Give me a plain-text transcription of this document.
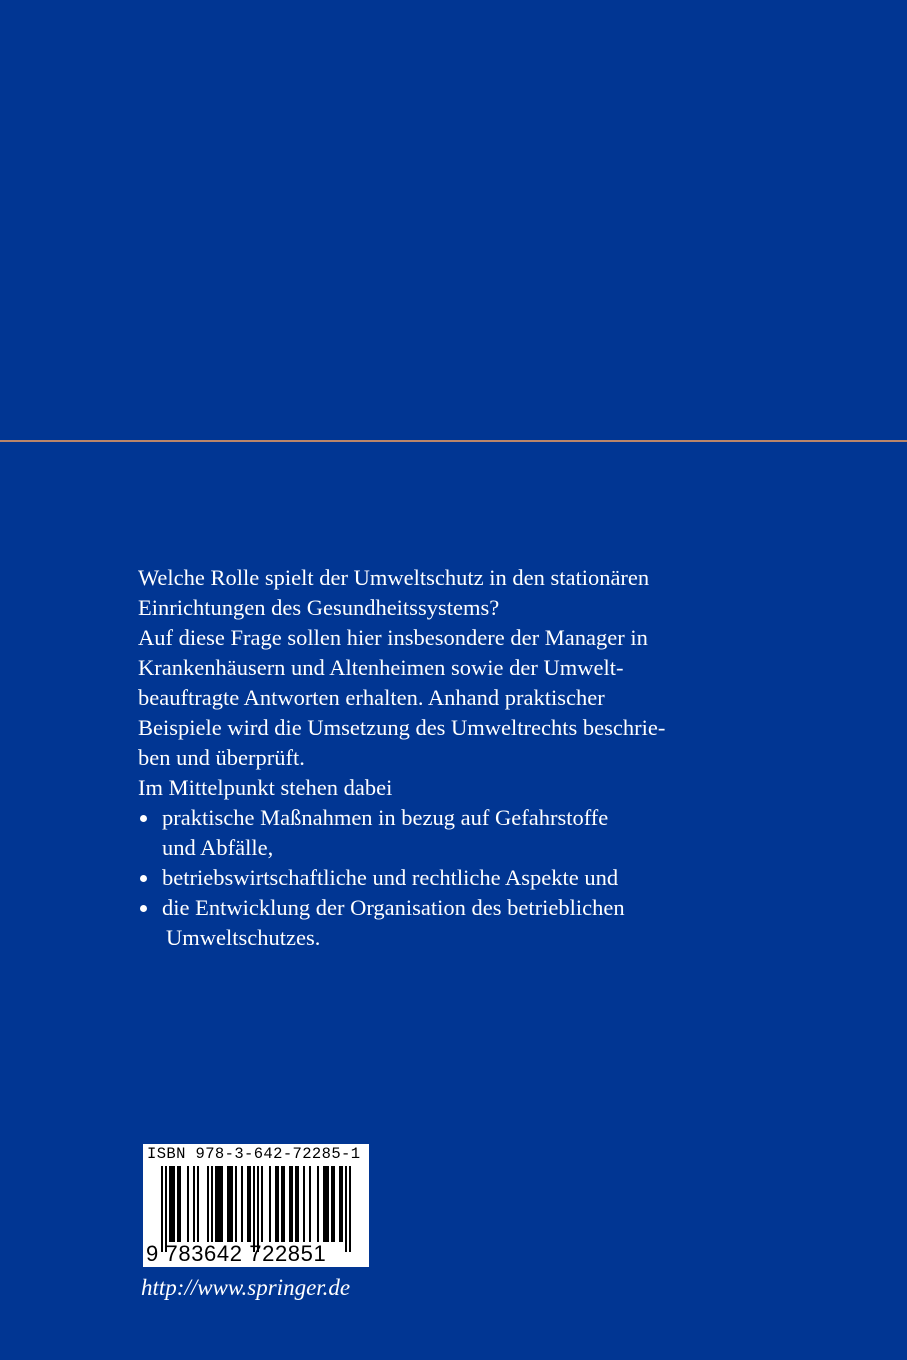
Welche Rolle spielt der Umweltschutz in den stationären
Einrichtungen des Gesundheitssystems?
Auf diese Frage sollen hier insbesondere der Manager in
Krankenhäusern und Altenheimen sowie der Umwelt-
beauftragte Antworten erhalten. Anhand praktischer
Beispiele wird die Umsetzung des Umweltrechts beschrie-
ben und überprüft.
Im Mittelpunkt stehen dabei
praktische Maßnahmen in bezug auf Gefahrstoffe
und Abfälle,
betriebswirtschaftliche und rechtliche Aspekte und
die Entwicklung der Organisation des betrieblichen
Umweltschutzes.
ISBN 978-3-642-72285-1
9 783642 722851
http://www.springer.de
